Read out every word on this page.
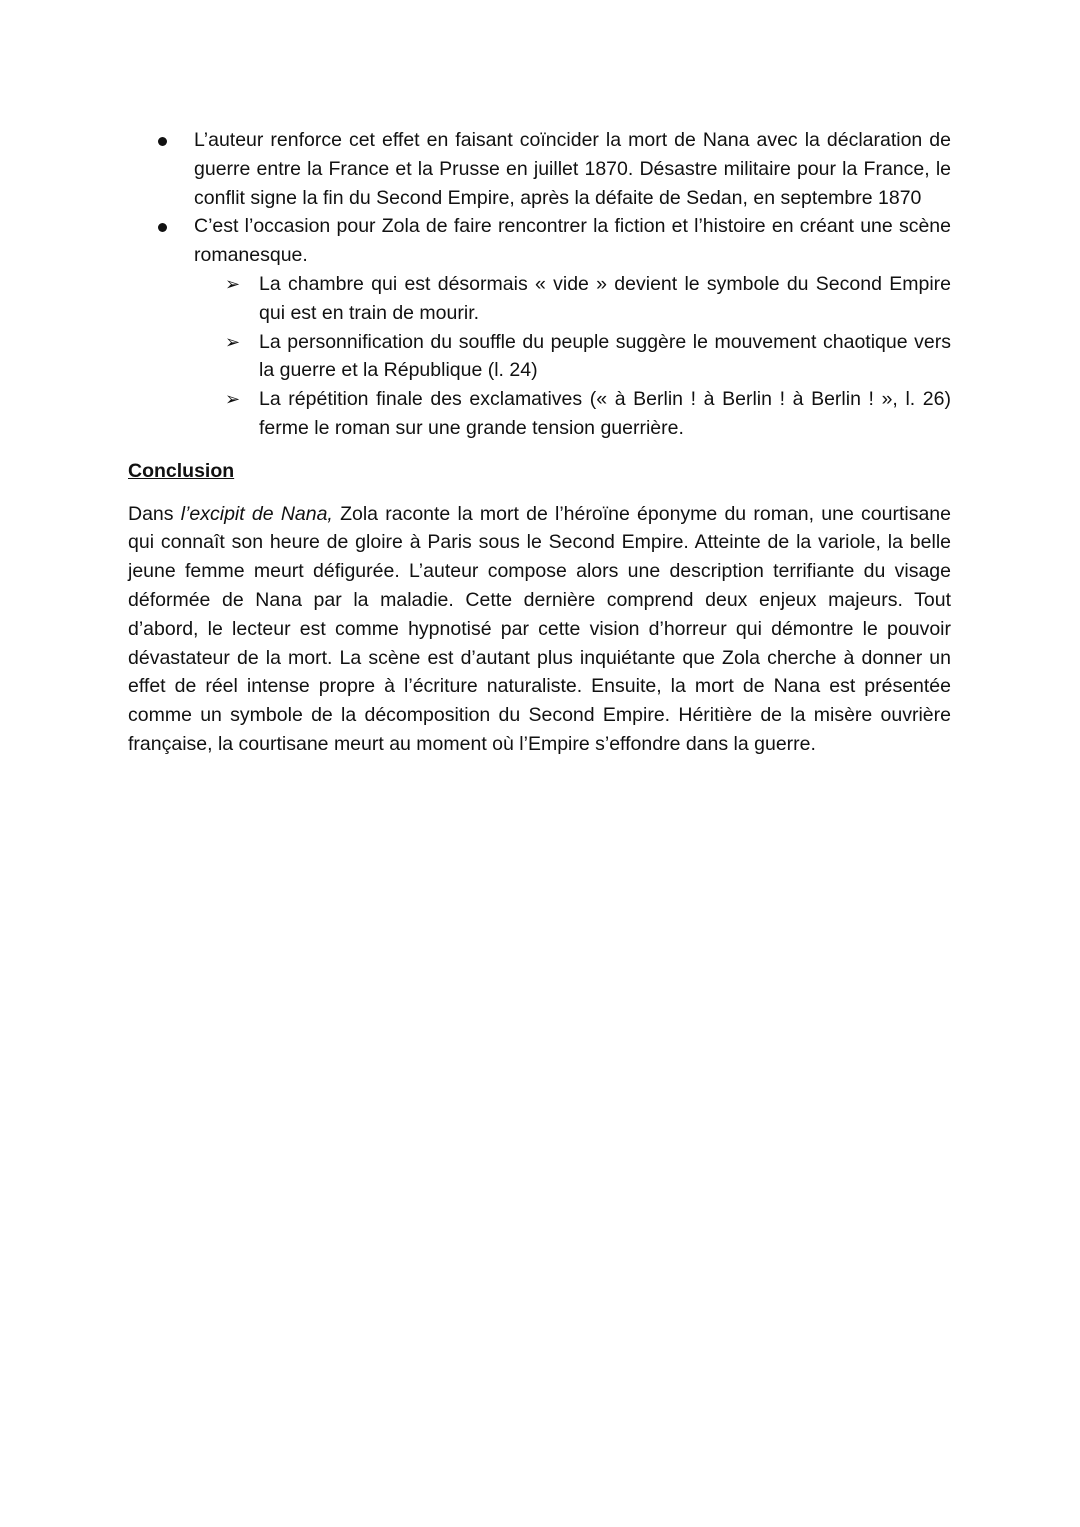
L’auteur renforce cet effet en faisant coïncider la mort de Nana avec la déclaration de guerre entre la France et la Prusse en juillet 1870. Désastre militaire pour la France, le conflit signe la fin du Second Empire, après la défaite de Sedan, en septembre 1870
C’est l’occasion pour Zola de faire rencontrer la fiction et l’histoire en créant une scène romanesque.
➢ La chambre qui est désormais « vide » devient le symbole du Second Empire qui est en train de mourir.
➢ La personnification du souffle du peuple suggère le mouvement chaotique vers la guerre et la République (l. 24)
➢ La répétition finale des exclamatives (« à Berlin ! à Berlin ! à Berlin ! », l. 26) ferme le roman sur une grande tension guerrière.
Conclusion

Dans l’excipit de Nana, Zola raconte la mort de l’héroïne éponyme du roman, une courtisane qui connaît son heure de gloire à Paris sous le Second Empire. Atteinte de la variole, la belle jeune femme meurt défigurée. L’auteur compose alors une description terrifiante du visage déformée de Nana par la maladie. Cette dernière comprend deux enjeux majeurs. Tout d’abord, le lecteur est comme hypnotisé par cette vision d’horreur qui démontre le pouvoir dévastateur de la mort. La scène est d’autant plus inquiétante que Zola cherche à donner un effet de réel intense propre à l’écriture naturaliste. Ensuite, la mort de Nana est présentée comme un symbole de la décomposition du Second Empire. Héritière de la misère ouvrière française, la courtisane meurt au moment où l’Empire s’effondre dans la guerre.
